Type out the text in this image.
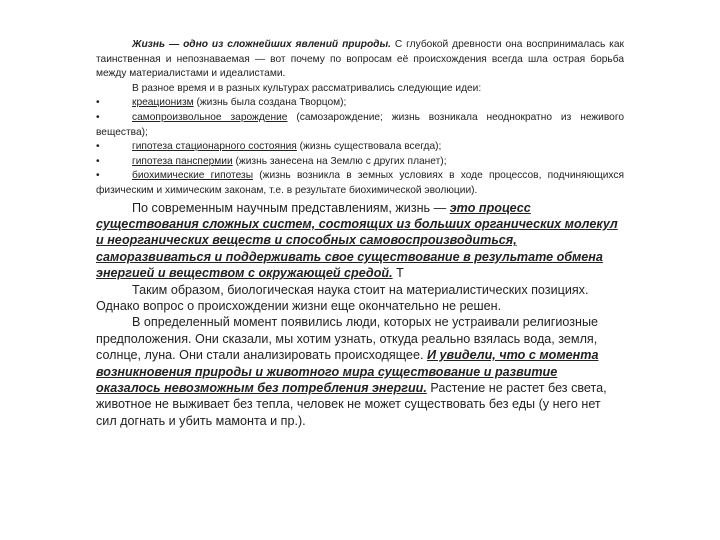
Жизнь — одно из сложнейших явлений природы. С глубокой древности она воспринималась как таинственная и непознаваемая — вот почему по вопросам её происхождения всегда шла острая борьба между материалистами и идеалистами.

В разное время и в разных культурах рассматривались следующие идеи:

•	креационизм (жизнь была создана Творцом);
•	самопроизвольное зарождение (самозарождение; жизнь возникала неоднократно из неживого вещества);
•	гипотеза стационарного состояния (жизнь существовала всегда);
•	гипотеза панспермии (жизнь занесена на Землю с других планет);
•	биохимические гипотезы (жизнь возникла в земных условиях в ходе процессов, подчиняющихся физическим и химическим законам, т.е. в результате биохимической эволюции).

По современным научным представлениям, жизнь — это процесс существования сложных систем, состоящих из больших органических молекул и неорганических веществ и способных самовоспроизводиться, саморазвиваться и поддерживать свое существование в результате обмена энергией и веществом с окружающей средой. Т

Таким образом, биологическая наука стоит на материалистических позициях. Однако вопрос о происхождении жизни еще окончательно не решен.

В определенный момент появились люди, которых не устраивали религиозные предположения. Они сказали, мы хотим узнать, откуда реально взялась вода, земля, солнце, луна. Они стали анализировать происходящее. И увидели, что с момента возникновения природы и животного мира существование и развитие оказалось невозможным без потребления энергии. Растение не растет без света, животное не выживает без тепла, человек не может существовать без еды (у него нет сил догнать и убить мамонта и пр.).
